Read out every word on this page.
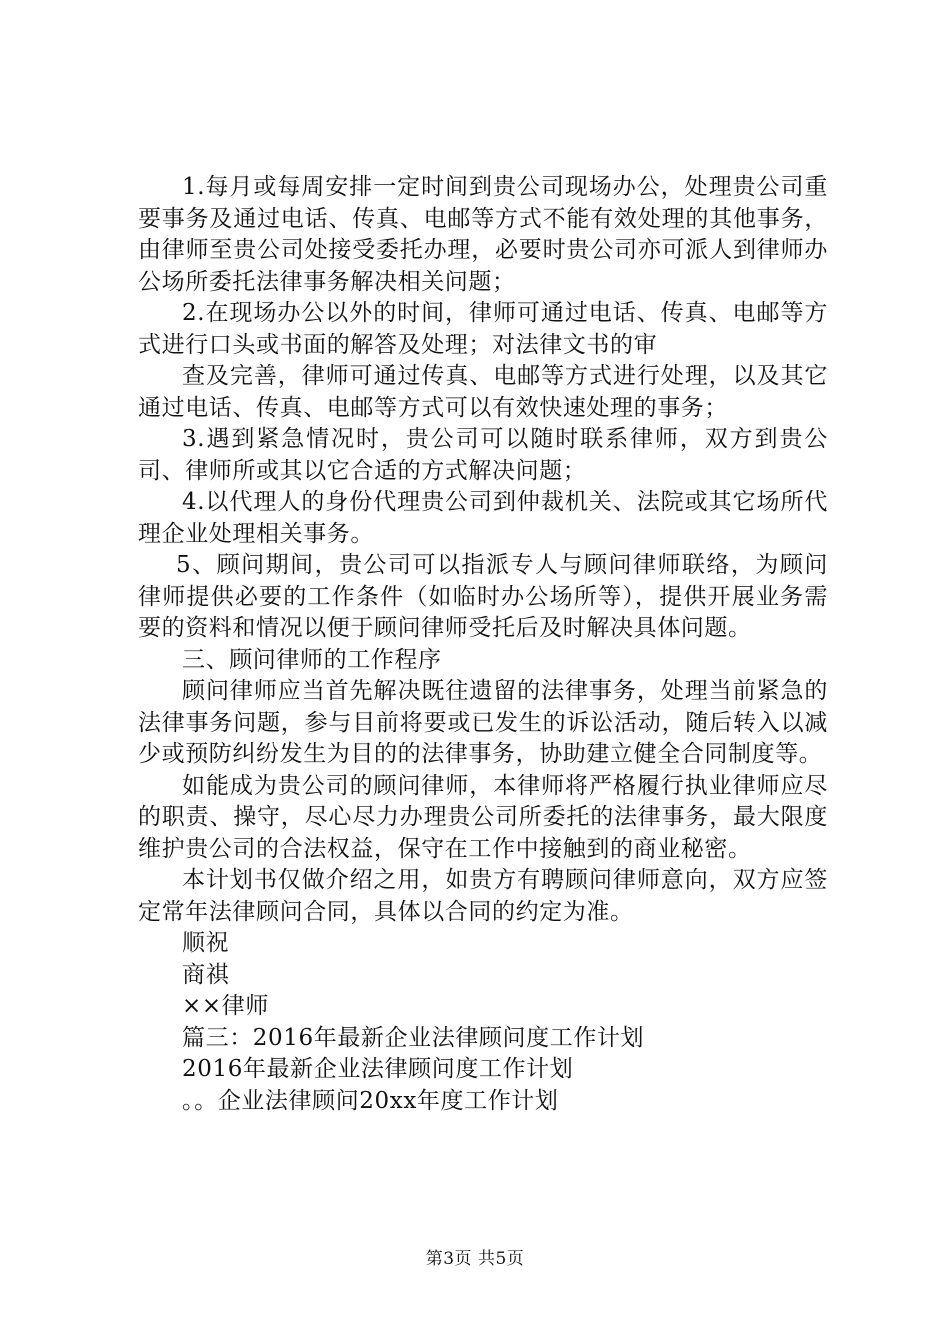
1.每月或每周安排一定时间到贵公司现场办公，处理贵公司重要事务及通过电话、传真、电邮等方式不能有效处理的其他事务，由律师至贵公司处接受委托办理，必要时贵公司亦可派人到律师办公场所委托法律事务解决相关问题；

2.在现场办公以外的时间，律师可通过电话、传真、电邮等方式进行口头或书面的解答及处理；对法律文书的审

查及完善，律师可通过传真、电邮等方式进行处理，以及其它通过电话、传真、电邮等方式可以有效快速处理的事务；

3.遇到紧急情况时，贵公司可以随时联系律师，双方到贵公司、律师所或其以它合适的方式解决问题；

4.以代理人的身份代理贵公司到仲裁机关、法院或其它场所代理企业处理相关事务。

5、顾问期间，贵公司可以指派专人与顾问律师联络，为顾问律师提供必要的工作条件（如临时办公场所等），提供开展业务需要的资料和情况以便于顾问律师受托后及时解决具体问题。

三、顾问律师的工作程序

顾问律师应当首先解决既往遗留的法律事务，处理当前紧急的法律事务问题，参与目前将要或已发生的诉讼活动，随后转入以减少或预防纠纷发生为目的的法律事务，协助建立健全合同制度等。

如能成为贵公司的顾问律师，本律师将严格履行执业律师应尽的职责、操守，尽心尽力办理贵公司所委托的法律事务，最大限度维护贵公司的合法权益，保守在工作中接触到的商业秘密。

本计划书仅做介绍之用，如贵方有聘顾问律师意向，双方应签定常年法律顾问合同，具体以合同的约定为准。

顺祝

商祺

××律师

篇三：2016年最新企业法律顾问度工作计划

2016年最新企业法律顾问度工作计划

。。企业法律顾问20xx年度工作计划

第3页 共5页
